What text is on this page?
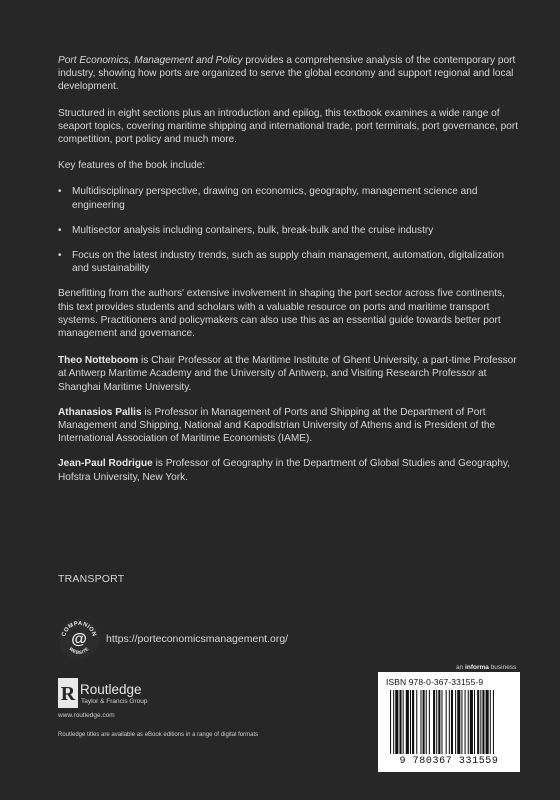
Port Economics, Management and Policy provides a comprehensive analysis of the contemporary port industry, showing how ports are organized to serve the global economy and support regional and local development.

Structured in eight sections plus an introduction and epilog, this textbook examines a wide range of seaport topics, covering maritime shipping and international trade, port terminals, port governance, port competition, port policy and much more.

Key features of the book include:

• Multidisciplinary perspective, drawing on economics, geography, management science and engineering
• Multisector analysis including containers, bulk, break-bulk and the cruise industry
• Focus on the latest industry trends, such as supply chain management, automation, digitalization and sustainability

Benefitting from the authors' extensive involvement in shaping the port sector across five continents, this text provides students and scholars with a valuable resource on ports and maritime transport systems. Practitioners and policymakers can also use this as an essential guide towards better port management and governance.

Theo Notteboom is Chair Professor at the Maritime Institute of Ghent University, a part-time Professor at Antwerp Maritime Academy and the University of Antwerp, and Visiting Research Professor at Shanghai Maritime University.

Athanasios Pallis is Professor in Management of Ports and Shipping at the Department of Port Management and Shipping, National and Kapodistrian University of Athens and is President of the International Association of Maritime Economists (IAME).

Jean-Paul Rodrigue is Professor of Geography in the Department of Global Studies and Geography, Hofstra University, New York.

TRANSPORT
COMPANION
WEBSITE
@ https://porteconomicsmanagement.org/
an informa business
R Routledge
Taylor & Francis Group
www.routledge.com
Routledge titles are available as eBook editions in a range of digital formats
ISBN 978-0-367-33155-9
9 780367 331559
